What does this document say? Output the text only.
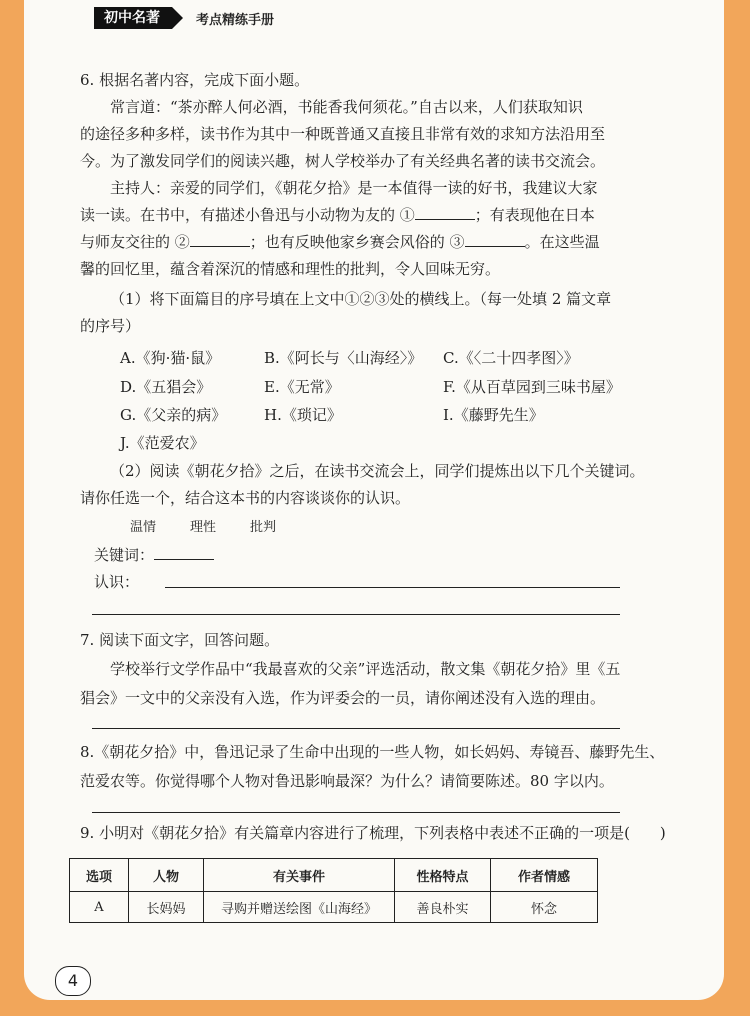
初中名著	考点精练手册
6. 根据名著内容，完成下面小题。
常言道：“茶亦醉人何必酒，书能香我何须花。”自古以来，人们获取知识
的途径多种多样，读书作为其中一种既普通又直接且非常有效的求知方法沿用至
今。为了激发同学们的阅读兴趣，树人学校举办了有关经典名著的读书交流会。
主持人：亲爱的同学们，《朝花夕拾》是一本值得一读的好书，我建议大家
读一读。在书中，有描述小鲁迅与小动物为友的 ①	；有表现他在日本
与师友交往的 ②	；也有反映他家乡赛会风俗的 ③	。在这些温
馨的回忆里，蕴含着深沉的情感和理性的批判，令人回味无穷。
（1）将下面篇目的序号填在上文中①②③处的横线上。（每一处填 2 篇文章
的序号）
A.《狗·猫·鼠》	B.《阿长与〈山海经〉》 C.《〈二十四孝图〉》
D.《五猖会》	E.《无常》	F.《从百草园到三味书屋》
G.《父亲的病》	H.《琐记》	I.《藤野先生》
J.《范爱农》
（2）阅读《朝花夕拾》之后，在读书交流会上，同学们提炼出以下几个关键词。
请你任选一个，结合这本书的内容谈谈你的认识。
温情	理性	批判
关键词：
认识：
7. 阅读下面文字，回答问题。
学校举行文学作品中“我最喜欢的父亲”评选活动，散文集《朝花夕拾》里《五
猖会》一文中的父亲没有入选，作为评委会的一员，请你阐述没有入选的理由。
8.《朝花夕拾》中，鲁迅记录了生命中出现的一些人物，如长妈妈、寿镜吾、藤野先生、
范爱农等。你觉得哪个人物对鲁迅影响最深？为什么？请简要陈述。80 字以内。
9. 小明对《朝花夕拾》有关篇章内容进行了梳理，下列表格中表述不正确的一项是(　　)
选项	人物	有关事件	性格特点	作者情感
A	长妈妈	寻购并赠送绘图《山海经》	善良朴实	怀念
4
